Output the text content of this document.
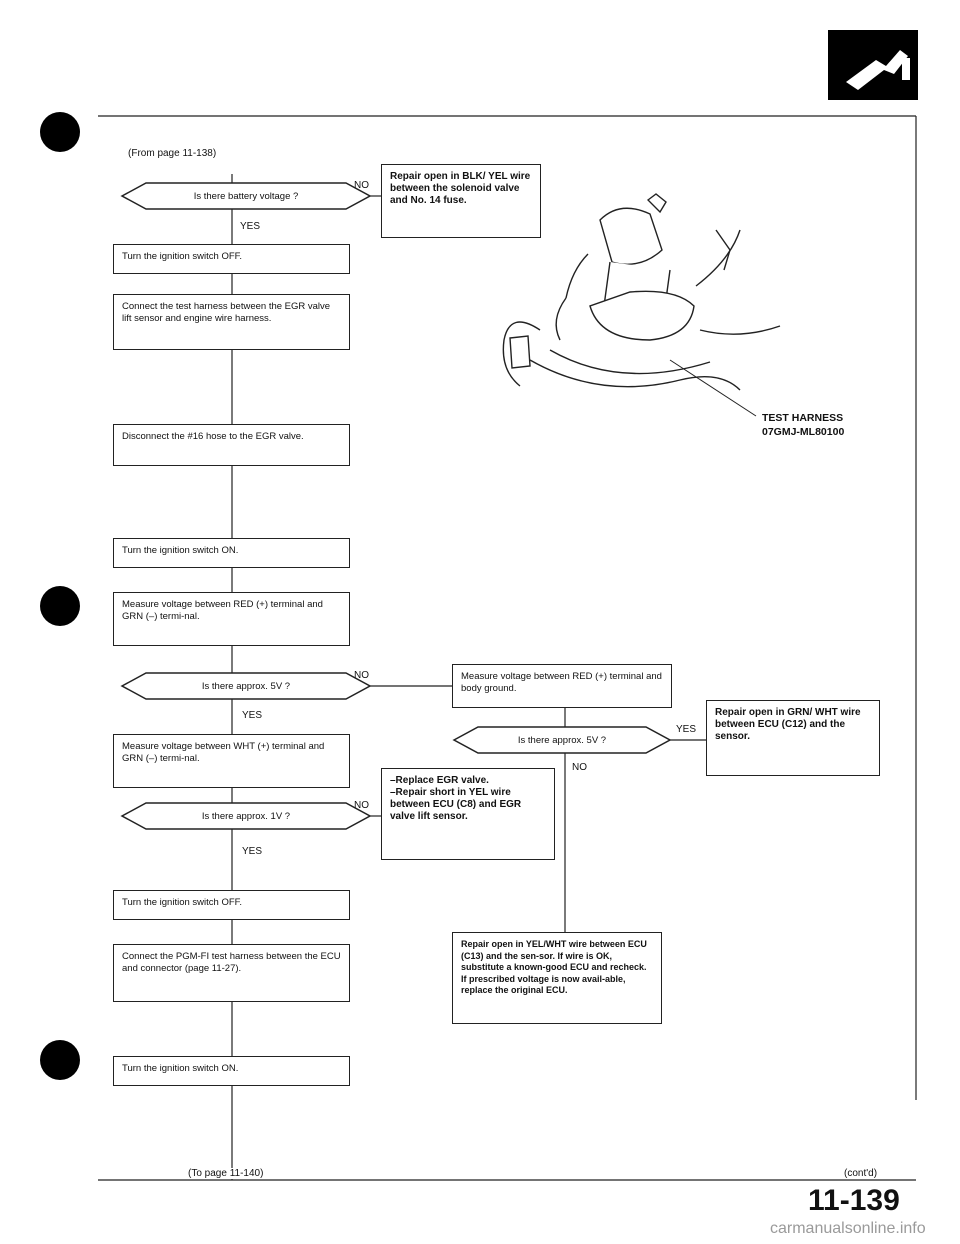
(From page 11-138)
Is there battery voltage ?
Is there approx. 5V ?
Is there approx. 5V ?
Is there approx. 1V ?
NO
YES
NO
YES
YES
NO
NO
YES
Repair open in BLK/ YEL wire between the solenoid valve and No. 14 fuse.
Turn the ignition switch OFF.
Connect the test harness between the EGR valve lift sensor and engine wire harness.
Disconnect the #16 hose to the EGR valve.
Turn the ignition switch ON.
Measure voltage between RED (+) terminal and GRN (–) termi-nal.
Measure voltage between RED (+) terminal and body ground.
Repair open in GRN/ WHT wire between ECU (C12) and the sensor.
Measure voltage between WHT (+) terminal and GRN (–) termi-nal.
–Replace EGR valve.
–Repair short in YEL wire between ECU (C8) and EGR valve lift sensor.
Turn the ignition switch OFF.
Connect the PGM-FI test harness between the ECU and connector (page 11-27).
Repair open in YEL/WHT wire between ECU (C13) and the sen-sor. If wire is OK, substitute a known-good ECU and recheck. If prescribed voltage is now avail-able, replace the original ECU.
Turn the ignition switch ON.
TEST HARNESS
07GMJ-ML80100
(To page 11-140)	(cont'd)
11-139
carmanualsonline.info
